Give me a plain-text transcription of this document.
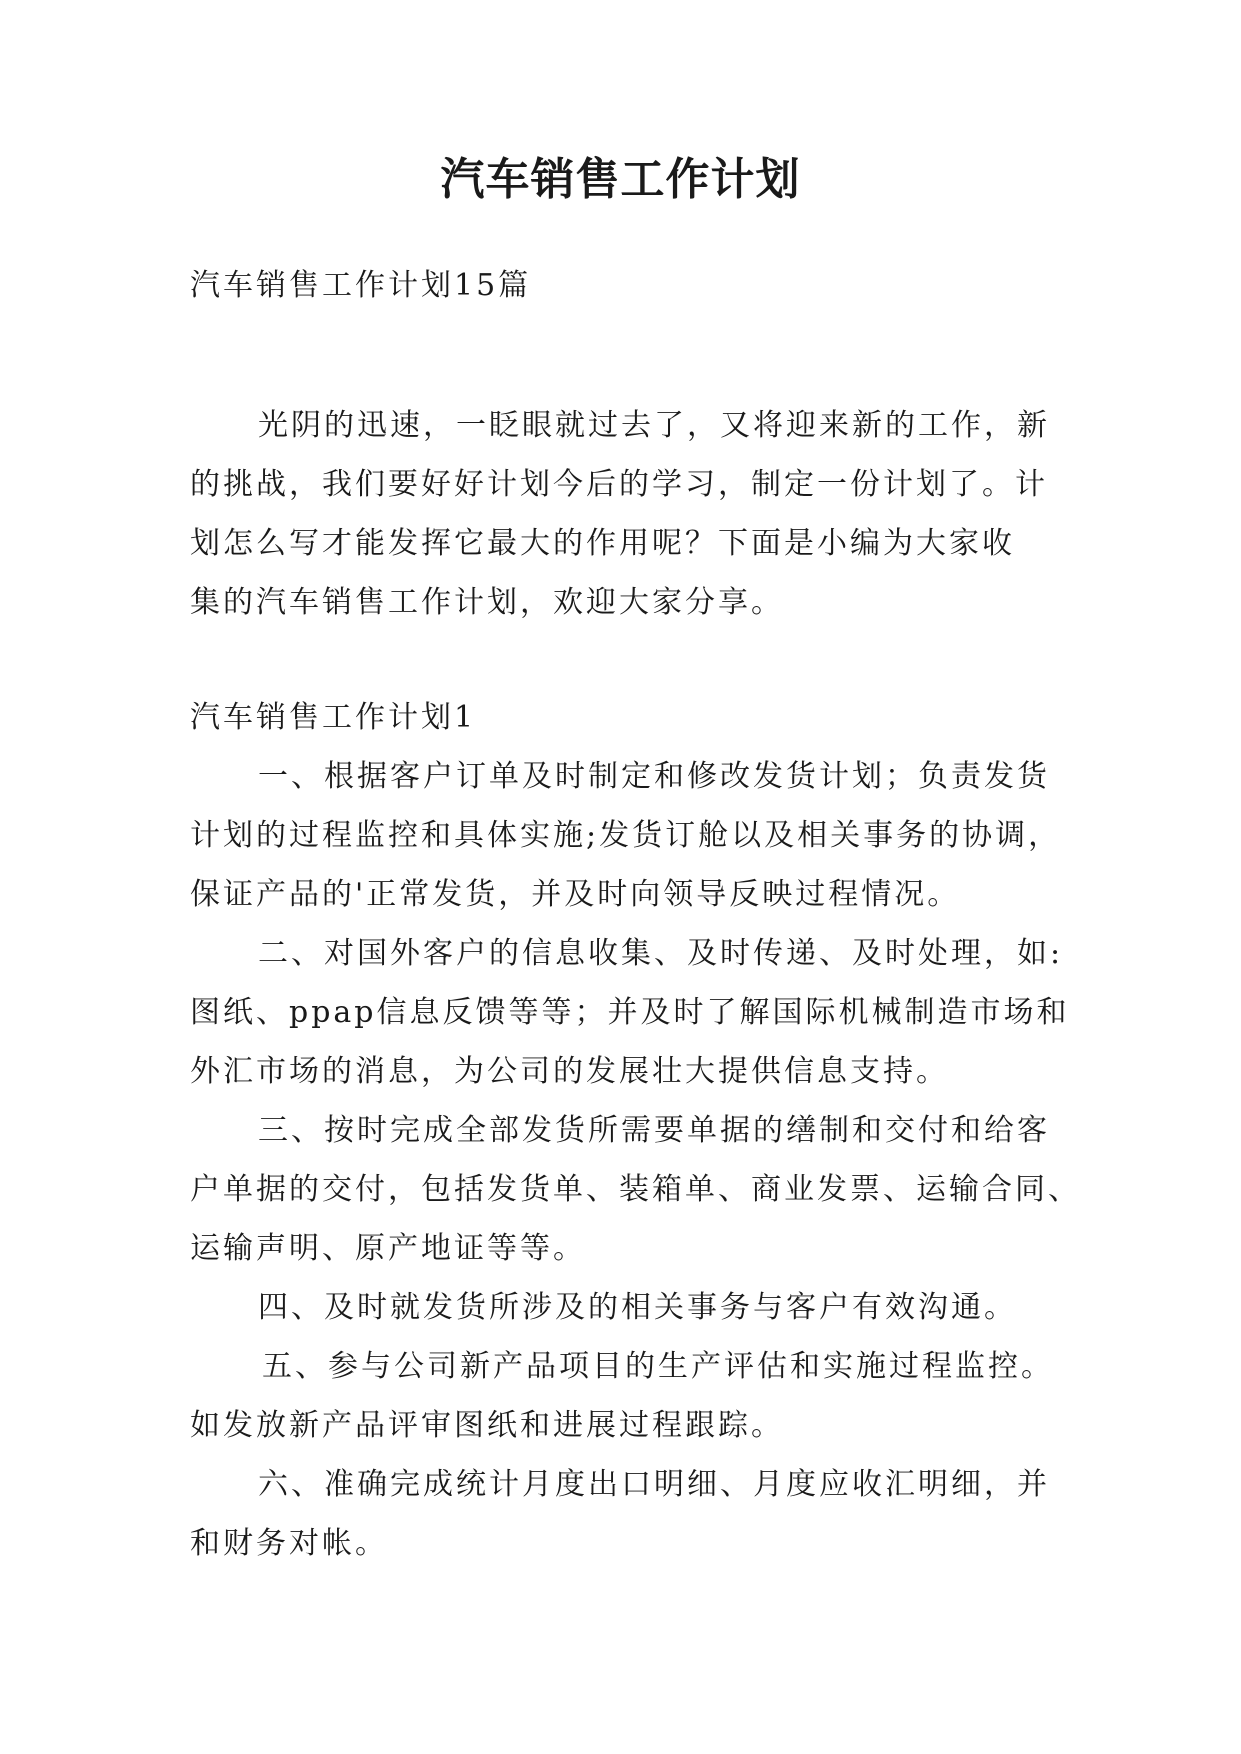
汽车销售工作计划

汽车销售工作计划15篇

光阴的迅速，一眨眼就过去了，又将迎来新的工作，新

的挑战，我们要好好计划今后的学习，制定一份计划了。计

划怎么写才能发挥它最大的作用呢？下面是小编为大家收

集的汽车销售工作计划，欢迎大家分享。

汽车销售工作计划1

一、根据客户订单及时制定和修改发货计划；负责发货

计划的过程监控和具体实施;发货订舱以及相关事务的协调，

保证产品的'正常发货，并及时向领导反映过程情况。

二、对国外客户的信息收集、及时传递、及时处理，如:

图纸、ppap信息反馈等等；并及时了解国际机械制造市场和

外汇市场的消息，为公司的发展壮大提供信息支持。

三、按时完成全部发货所需要单据的缮制和交付和给客

户单据的交付，包括发货单、装箱单、商业发票、运输合同、

运输声明、原产地证等等。

四、及时就发货所涉及的相关事务与客户有效沟通。

五、参与公司新产品项目的生产评估和实施过程监控。

如发放新产品评审图纸和进展过程跟踪。

六、准确完成统计月度出口明细、月度应收汇明细，并

和财务对帐。
